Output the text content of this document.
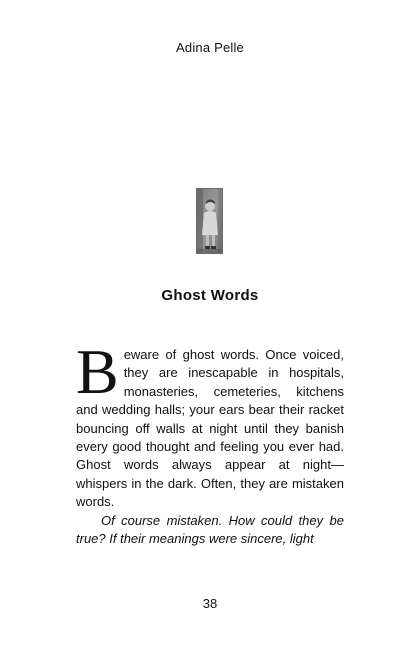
Adina Pelle
Ghost Words

Beware of ghost words. Once voiced, they are inescapable in hospitals, monasteries, cemeteries, kitchens and wedding halls; your ears bear their racket bouncing off walls at night until they banish every good thought and feeling you ever had. Ghost words always appear at night—whispers in the dark. Often, they are mistaken words.

Of course mistaken. How could they be true? If their meanings were sincere, light

38
